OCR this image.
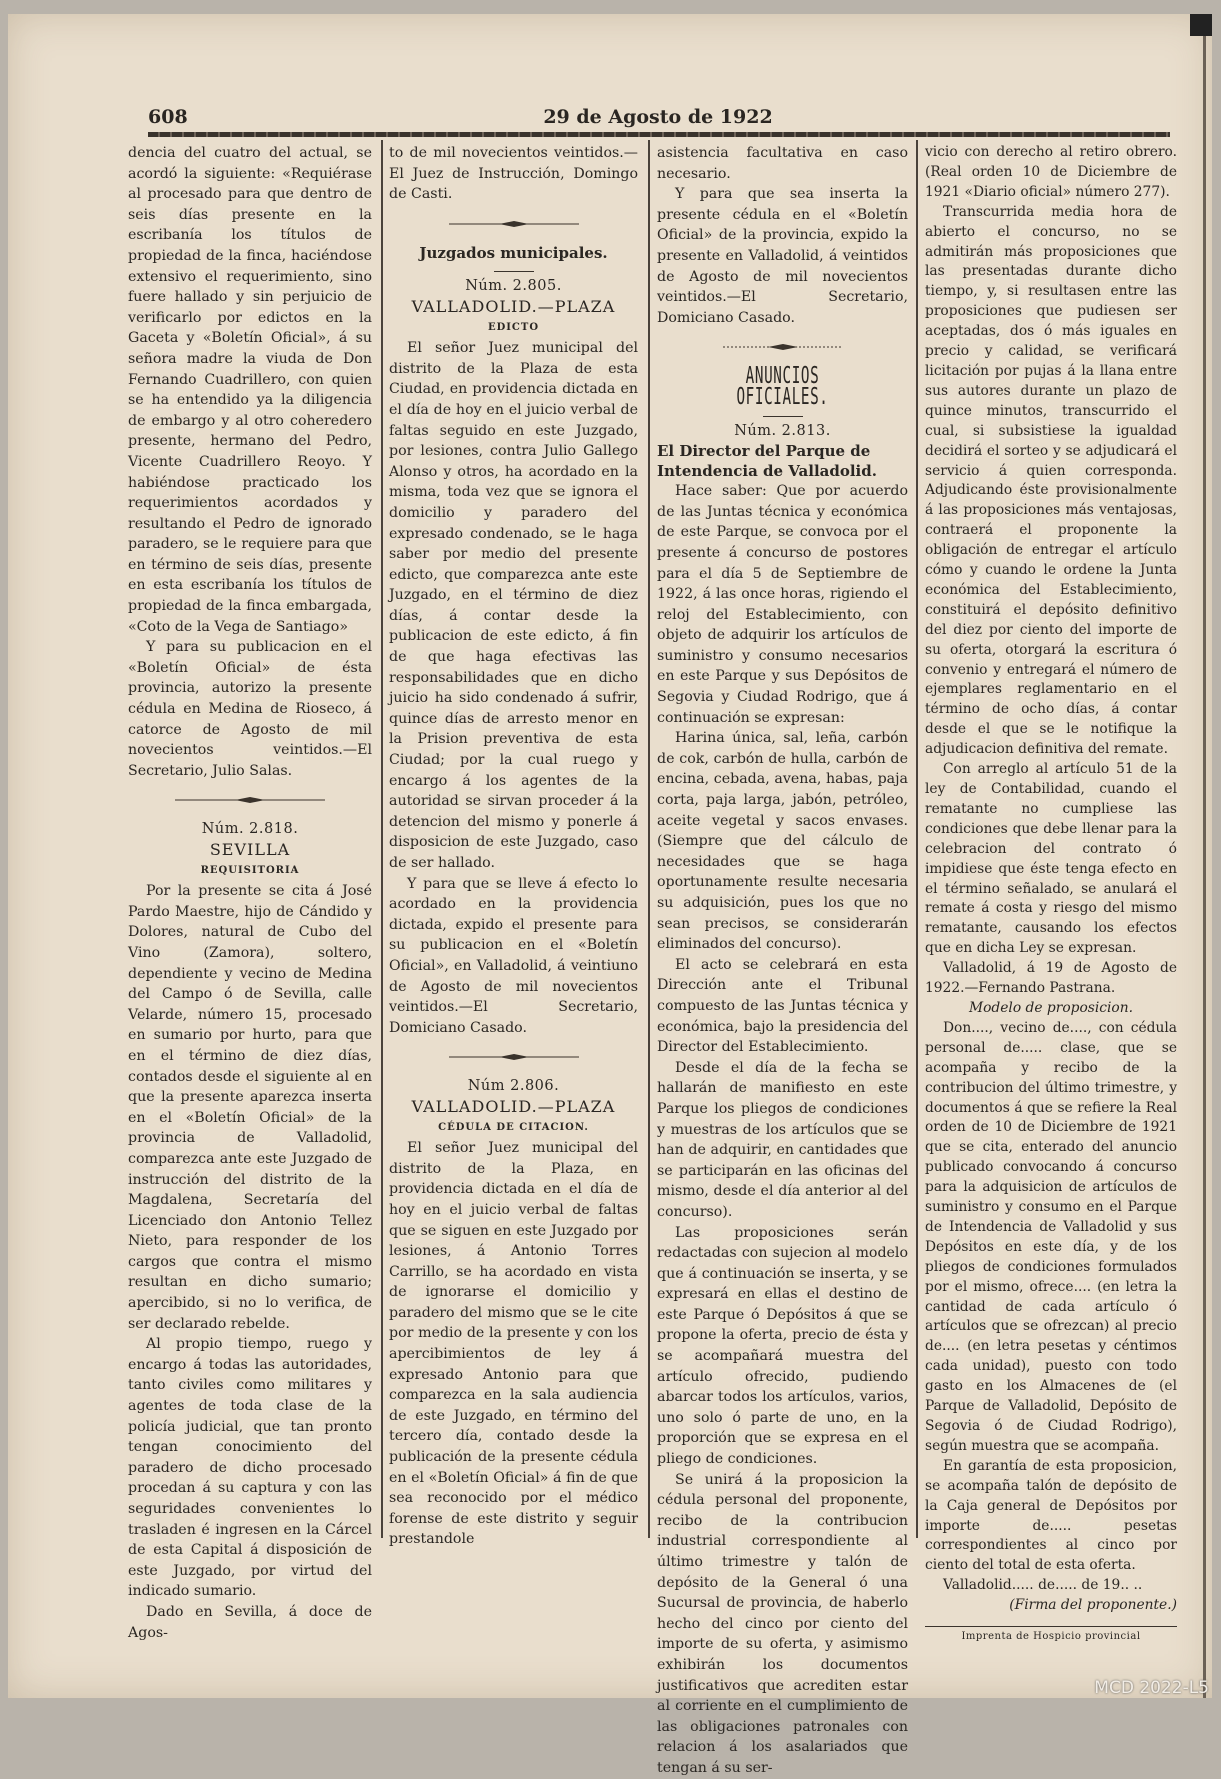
608	29 de Agosto de 1922

dencia del cuatro del actual, se acordó la siguiente: «Requiérase al procesado para que dentro de seis días presente en la escribanía los títulos de propiedad de la finca, haciéndose extensivo el requerimiento, sino fuere hallado y sin perjuicio de verificarlo por edictos en la Gaceta y «Boletín Oficial», á su señora madre la viuda de Don Fernando Cuadrillero, con quien se ha entendido ya la diligencia de embargo y al otro coheredero presente, hermano del Pedro, Vicente Cuadrillero Reoyo. Y habiéndose practicado los requerimientos acordados y resultando el Pedro de ignorado paradero, se le requiere para que en término de seis días, presente en esta escribanía los títulos de propiedad de la finca embargada, «Coto de la Vega de Santiago»

Y para su publicacion en el «Boletín Oficial» de ésta provincia, autorizo la presente cédula en Medina de Rioseco, á catorce de Agosto de mil novecientos veintidos.—El Secretario, Julio Salas.

Núm. 2.818.

SEVILLA

REQUISITORIA

Por la presente se cita á José Pardo Maestre, hijo de Cándido y Dolores, natural de Cubo del Vino (Zamora), soltero, dependiente y vecino de Medina del Campo ó de Sevilla, calle Velarde, número 15, procesado en sumario por hurto, para que en el término de diez días, contados desde el siguiente al en que la presente aparezca inserta en el «Boletín Oficial» de la provincia de Valladolid, comparezca ante este Juzgado de instrucción del distrito de la Magdalena, Secretaría del Licenciado don Antonio Tellez Nieto, para responder de los cargos que contra el mismo resultan en dicho sumario; apercibido, si no lo verifica, de ser declarado rebelde.

Al propio tiempo, ruego y encargo á todas las autoridades, tanto civiles como militares y agentes de toda clase de la policía judicial, que tan pronto tengan conocimiento del paradero de dicho procesado procedan á su captura y con las seguridades convenientes lo trasladen é ingresen en la Cárcel de esta Capital á disposición de este Juzgado, por virtud del indicado sumario.

Dado en Sevilla, á doce de Agos-

to de mil novecientos veintidos.—El Juez de Instrucción, Domingo de Casti.

Juzgados municipales.

Núm. 2.805.

VALLADOLID.—PLAZA

EDICTO

El señor Juez municipal del distrito de la Plaza de esta Ciudad, en providencia dictada en el día de hoy en el juicio verbal de faltas seguido en este Juzgado, por lesiones, contra Julio Gallego Alonso y otros, ha acordado en la misma, toda vez que se ignora el domicilio y paradero del expresado condenado, se le haga saber por medio del presente edicto, que comparezca ante este Juzgado, en el término de diez días, á contar desde la publicacion de este edicto, á fin de que haga efectivas las responsabilidades que en dicho juicio ha sido condenado á sufrir, quince días de arresto menor en la Prision preventiva de esta Ciudad; por la cual ruego y encargo á los agentes de la autoridad se sirvan proceder á la detencion del mismo y ponerle á disposicion de este Juzgado, caso de ser hallado.

Y para que se lleve á efecto lo acordado en la providencia dictada, expido el presente para su publicacion en el «Boletín Oficial», en Valladolid, á veintiuno de Agosto de mil novecientos veintidos.—El Secretario, Domiciano Casado.

Núm 2.806.

VALLADOLID.—PLAZA

CÉDULA DE CITACION.

El señor Juez municipal del distrito de la Plaza, en providencia dictada en el día de hoy en el juicio verbal de faltas que se siguen en este Juzgado por lesiones, á Antonio Torres Carrillo, se ha acordado en vista de ignorarse el domicilio y paradero del mismo que se le cite por medio de la presente y con los apercibimientos de ley á expresado Antonio para que comparezca en la sala audiencia de este Juzgado, en término del tercero día, contado desde la publicación de la presente cédula en el «Boletín Oficial» á fin de que sea reconocido por el médico forense de este distrito y seguir prestandole

asistencia facultativa en caso necesario.

Y para que sea inserta la presente cédula en el «Boletín Oficial» de la provincia, expido la presente en Valladolid, á veintidos de Agosto de mil novecientos veintidos.—El Secretario, Domiciano Casado.

ANUNCIOS OFICIALES.

Núm. 2.813.

El Director del Parque de Intendencia de Valladolid.

Hace saber: Que por acuerdo de las Juntas técnica y económica de este Parque, se convoca por el presente á concurso de postores para el día 5 de Septiembre de 1922, á las once horas, rigiendo el reloj del Establecimiento, con objeto de adquirir los artículos de suministro y consumo necesarios en este Parque y sus Depósitos de Segovia y Ciudad Rodrigo, que á continuación se expresan:

Harina única, sal, leña, carbón de cok, carbón de hulla, carbón de encina, cebada, avena, habas, paja corta, paja larga, jabón, petróleo, aceite vegetal y sacos envases. (Siempre que del cálculo de necesidades que se haga oportunamente resulte necesaria su adquisición, pues los que no sean precisos, se considerarán eliminados del concurso).

El acto se celebrará en esta Dirección ante el Tribunal compuesto de las Juntas técnica y económica, bajo la presidencia del Director del Establecimiento.

Desde el día de la fecha se hallarán de manifiesto en este Parque los pliegos de condiciones y muestras de los artículos que se han de adquirir, en cantidades que se participarán en las oficinas del mismo, desde el día anterior al del concurso).

Las proposiciones serán redactadas con sujecion al modelo que á continuación se inserta, y se expresará en ellas el destino de este Parque ó Depósitos á que se propone la oferta, precio de ésta y se acompañará muestra del artículo ofrecido, pudiendo abarcar todos los artículos, varios, uno solo ó parte de uno, en la proporción que se expresa en el pliego de condiciones.

Se unirá á la proposicion la cédula personal del proponente, recibo de la contribucion industrial correspondiente al último trimestre y talón de depósito de la General ó una Sucursal de provincia, de haberlo hecho del cinco por ciento del importe de su oferta, y asimismo exhibirán los documentos justificativos que acrediten estar al corriente en el cumplimiento de las obligaciones patronales con relacion á los asalariados que tengan á su ser-

vicio con derecho al retiro obrero. (Real orden 10 de Diciembre de 1921 «Diario oficial» número 277).

Transcurrida media hora de abierto el concurso, no se admitirán más proposiciones que las presentadas durante dicho tiempo, y, si resultasen entre las proposiciones que pudiesen ser aceptadas, dos ó más iguales en precio y calidad, se verificará licitación por pujas á la llana entre sus autores durante un plazo de quince minutos, transcurrido el cual, si subsistiese la igualdad decidirá el sorteo y se adjudicará el servicio á quien corresponda. Adjudicando éste provisionalmente á las proposiciones más ventajosas, contraerá el proponente la obligación de entregar el artículo cómo y cuando le ordene la Junta económica del Establecimiento, constituirá el depósito definitivo del diez por ciento del importe de su oferta, otorgará la escritura ó convenio y entregará el número de ejemplares reglamentario en el término de ocho días, á contar desde el que se le notifique la adjudicacion definitiva del remate.

Con arreglo al artículo 51 de la ley de Contabilidad, cuando el rematante no cumpliese las condiciones que debe llenar para la celebracion del contrato ó impidiese que éste tenga efecto en el término señalado, se anulará el remate á costa y riesgo del mismo rematante, causando los efectos que en dicha Ley se expresan.

Valladolid, á 19 de Agosto de 1922.—Fernando Pastrana.

Modelo de proposicion.

Don...., vecino de...., con cédula personal de..... clase, que se acompaña y recibo de la contribucion del último trimestre, y documentos á que se refiere la Real orden de 10 de Diciembre de 1921 que se cita, enterado del anuncio publicado convocando á concurso para la adquisicion de artículos de suministro y consumo en el Parque de Intendencia de Valladolid y sus Depósitos en este día, y de los pliegos de condiciones formulados por el mismo, ofrece.... (en letra la cantidad de cada artículo ó artículos que se ofrezcan) al precio de.... (en letra pesetas y céntimos cada unidad), puesto con todo gasto en los Almacenes de (el Parque de Valladolid, Depósito de Segovia ó de Ciudad Rodrigo), según muestra que se acompaña.

En garantía de esta proposicion, se acompaña talón de depósito de la Caja general de Depósitos por importe de..... pesetas correspondientes al cinco por ciento del total de esta oferta.

Valladolid..... de..... de 19.. ..

(Firma del proponente.)

Imprenta de Hospicio provincial

MCD 2022-L5
